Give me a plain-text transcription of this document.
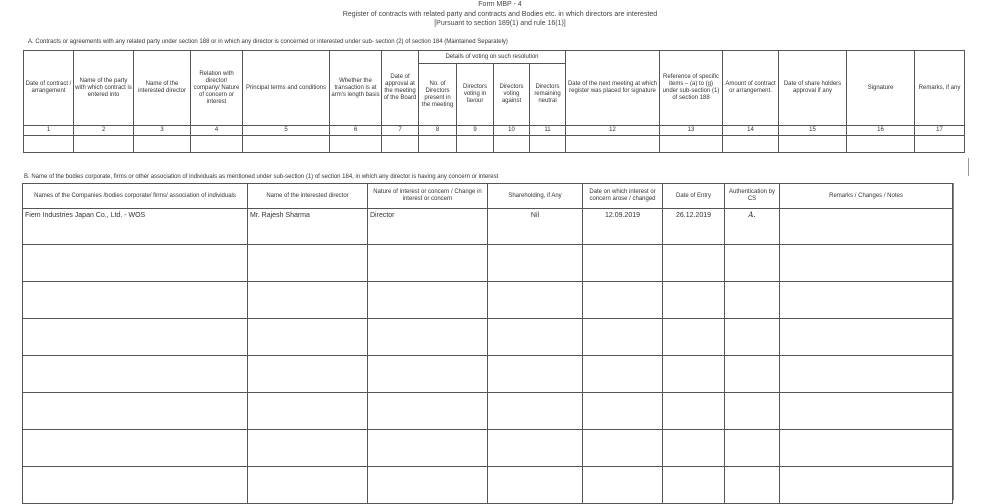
Form MBP - 4
Register of contracts with related party and contracts and Bodies etc. in which directors are interested
[Pursuant to section 189(1) and rule 16(1)]
A. Contracts or agreements with any related party under section 188 or in which any director is concerned or interested under sub- section (2) of section 184 (Maintained Separately)
Date of contract / arrangement	Name of the party with which contract is entered into	Name of the interested director	Relation with director/ company/ Nature of concern or interest	Principal terms and conditions	Whether the transaction is at arm's length basis	Date of approval at the meeting of the Board	Details of voting on such resolution				Date of the next meeting at which register was placed for signature	Reference of specific items – (a) to (g) under sub-section (1) of section 188	Amount of contract or arrangement.	Date of share holders approval if any	Signature	Remarks, if any
							No. of Directors present in the meeting	Directors voting in favour	Directors voting against	Directors remaining neutral						
1	2	3	4	5	6	7	8	9	10	11	12	13	14	15	16	17

B. Name of the bodies corporate, firms or other association of individuals as mentioned under sub-section (1) of section 184, in which any director is having any concern or interest
Names of the Companies /bodies corporate/ firms/ association of individuals	Name of the interested director	Nature of interest or concern / Change in interest or concern	Shareholding, if Any	Date on which interest or concern arose / changed	Date of Entry	Authentication by CS	Remarks / Changes / Notes
Fiem Industries Japan Co., Ltd. - WOS	Mr. Rajesh Sharma	Director	Nil	12.09.2019	26.12.2019	A.	
